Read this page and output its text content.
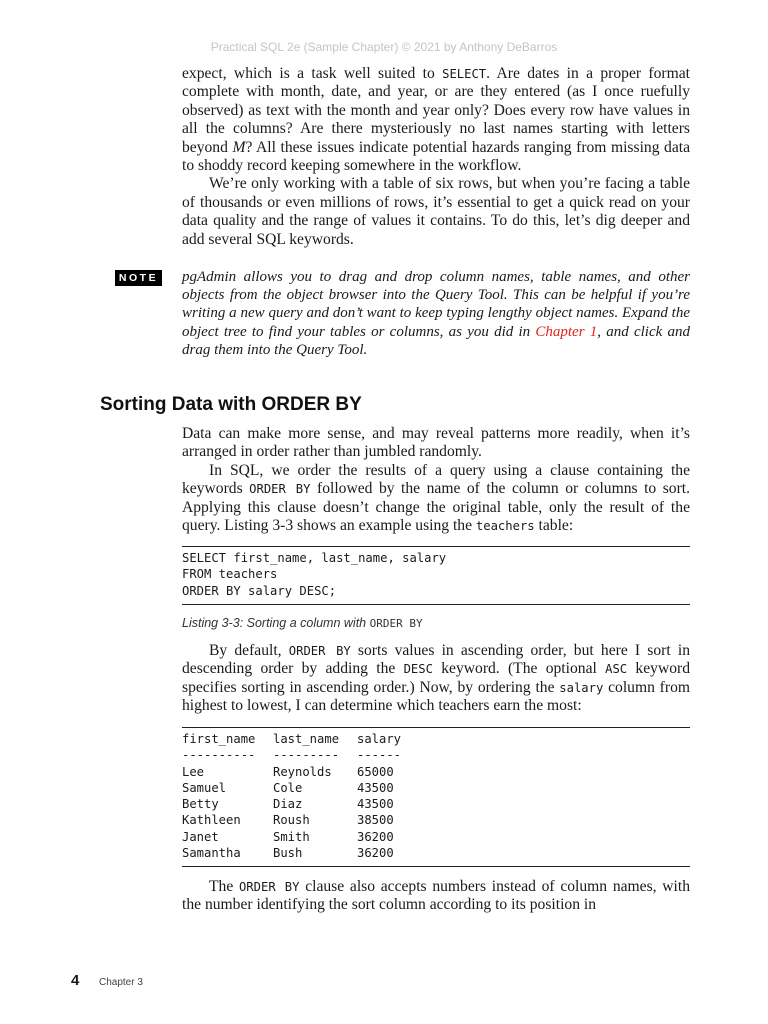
Practical SQL 2e (Sample Chapter) © 2021 by Anthony DeBarros

expect, which is a task well suited to SELECT. Are dates in a proper format complete with month, date, and year, or are they entered (as I once ruefully observed) as text with the month and year only? Does every row have values in all the columns? Are there mysteriously no last names starting with letters beyond M? All these issues indicate potential hazards ranging from missing data to shoddy record keeping somewhere in the workflow.

We’re only working with a table of six rows, but when you’re facing a table of thousands or even millions of rows, it’s essential to get a quick read on your data quality and the range of values it contains. To do this, let’s dig deeper and add several SQL keywords.

NOTE pgAdmin allows you to drag and drop column names, table names, and other objects from the object browser into the Query Tool. This can be helpful if you’re writing a new query and don’t want to keep typing lengthy object names. Expand the object tree to find your tables or columns, as you did in Chapter 1, and click and drag them into the Query Tool.

Sorting Data with ORDER BY

Data can make more sense, and may reveal patterns more readily, when it’s arranged in order rather than jumbled randomly.

In SQL, we order the results of a query using a clause containing the keywords ORDER BY followed by the name of the column or columns to sort. Applying this clause doesn’t change the original table, only the result of the query. Listing 3-3 shows an example using the teachers table:

SELECT first_name, last_name, salary
FROM teachers
ORDER BY salary DESC;

Listing 3-3: Sorting a column with ORDER BY

By default, ORDER BY sorts values in ascending order, but here I sort in descending order by adding the DESC keyword. (The optional ASC keyword specifies sorting in ascending order.) Now, by ordering the salary column from highest to lowest, I can determine which teachers earn the most:

first_name	last_name	salary
----------	---------	------
Lee	Reynolds	65000
Samuel	Cole	43500
Betty	Diaz	43500
Kathleen	Roush	38500
Janet	Smith	36200
Samantha	Bush	36200

The ORDER BY clause also accepts numbers instead of column names, with the number identifying the sort column according to its position in

4 Chapter 3
